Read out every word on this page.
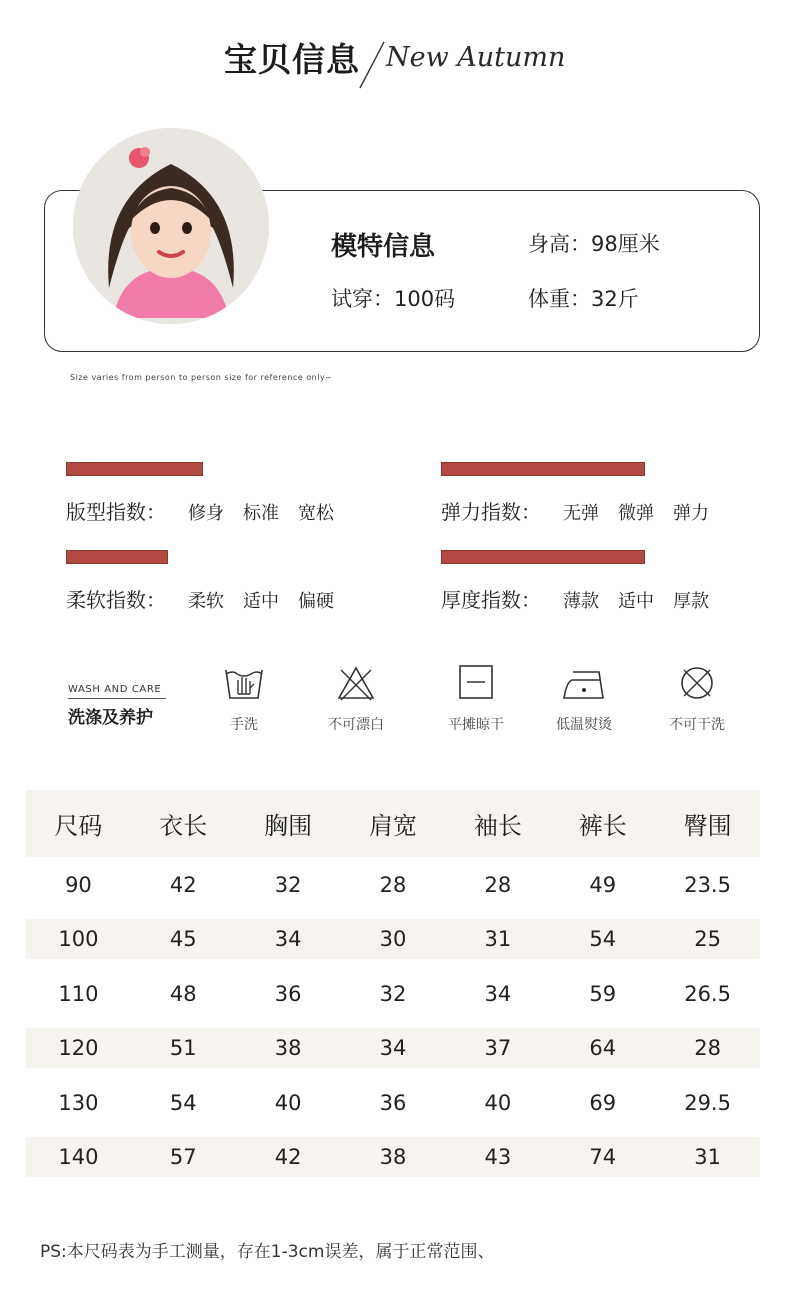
宝贝信息 New Autumn
模特信息	身高：98厘米
试穿：100码	体重：32斤
Size varies from person to person size for reference only~
版型指数： 修身 标准 宽松	弹力指数： 无弹 微弹 弹力
柔软指数： 柔软 适中 偏硬	厚度指数： 薄款 适中 厚款
WASH AND CARE
洗涤及养护	手洗	不可漂白	平摊晾干	低温熨烫	不可干洗
尺码	衣长	胸围	肩宽	袖长	裤长	臀围
90	42	32	28	28	49	23.5
100	45	34	30	31	54	25
110	48	36	32	34	59	26.5
120	51	38	34	37	64	28
130	54	40	36	40	69	29.5
140	57	42	38	43	74	31
PS:本尺码表为手工测量，存在1-3cm误差，属于正常范围、
